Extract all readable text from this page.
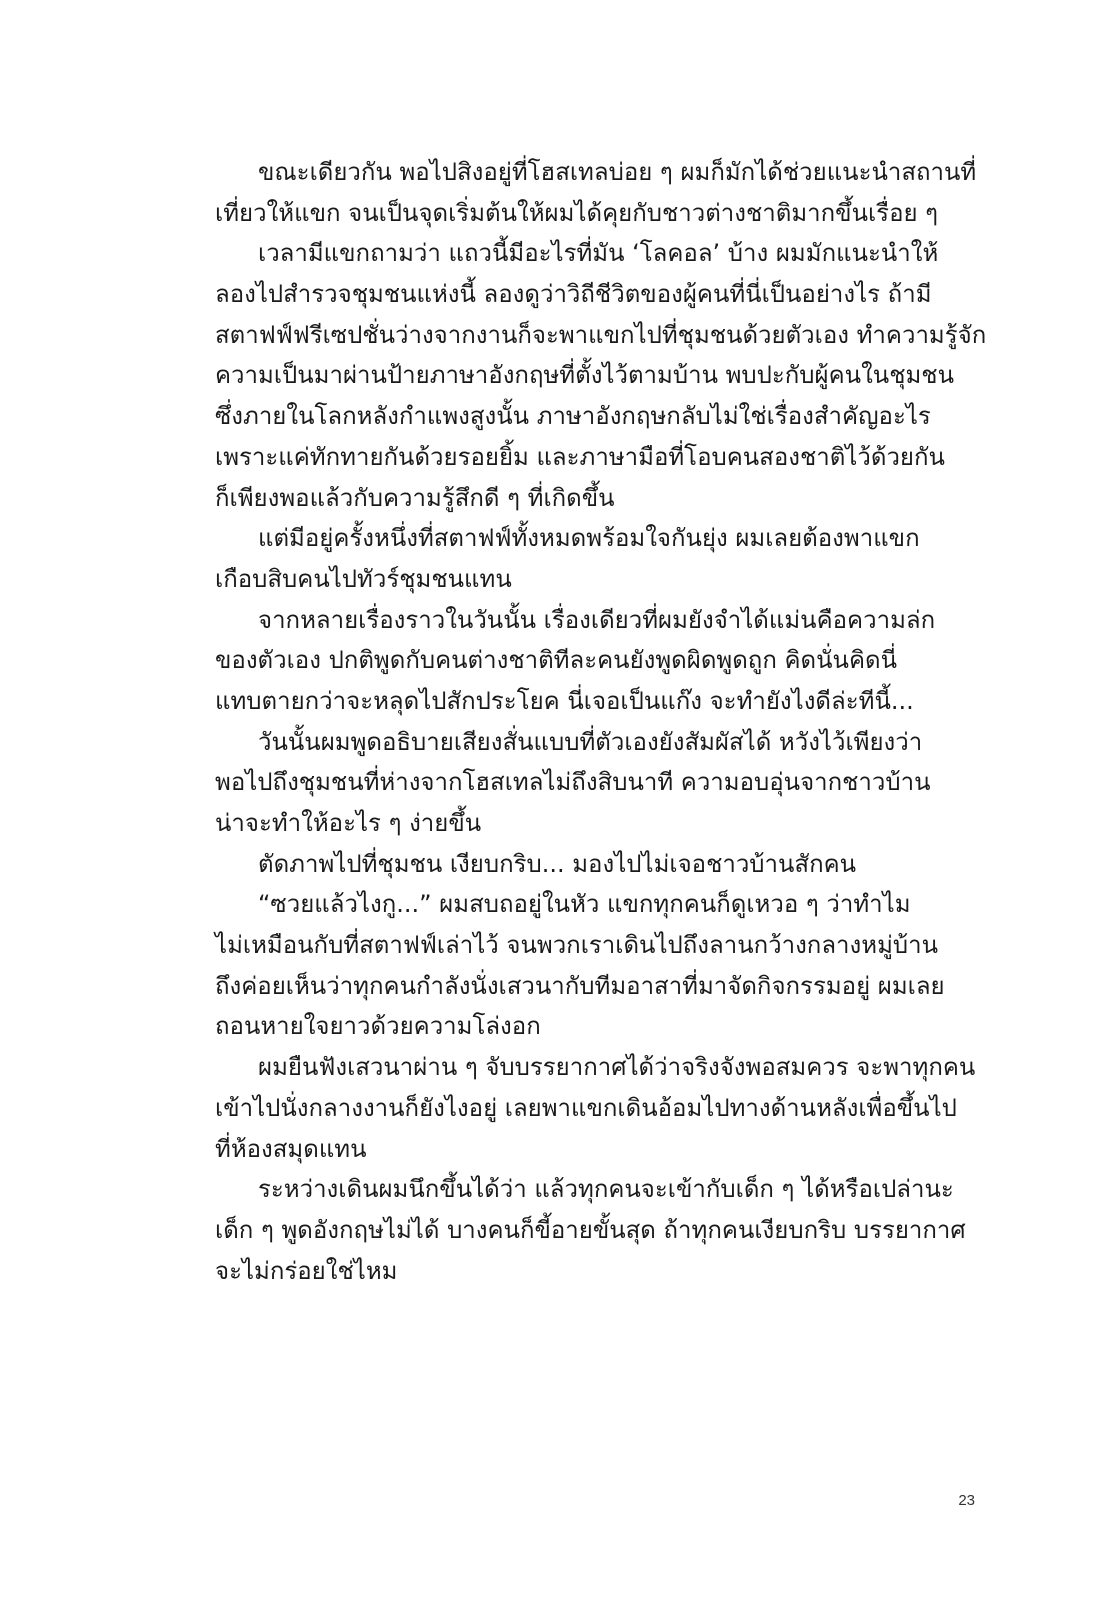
ขณะเดียวกัน พอไปสิงอยู่ที่โฮสเทลบ่อย ๆ ผมก็มักได้ช่วยแนะนำสถานที่
เที่ยวให้แขก จนเป็นจุดเริ่มต้นให้ผมได้คุยกับชาวต่างชาติมากขึ้นเรื่อย ๆ
เวลามีแขกถามว่า แถวนี้มีอะไรที่มัน ‘โลคอล’ บ้าง ผมมักแนะนำให้
ลองไปสำรวจชุมชนแห่งนี้ ลองดูว่าวิถีชีวิตของผู้คนที่นี่เป็นอย่างไร ถ้ามี
สตาฟฟ์ฟรีเซปชั่นว่างจากงานก็จะพาแขกไปที่ชุมชนด้วยตัวเอง ทำความรู้จัก
ความเป็นมาผ่านป้ายภาษาอังกฤษที่ตั้งไว้ตามบ้าน พบปะกับผู้คนในชุมชน
ซึ่งภายในโลกหลังกำแพงสูงนั้น ภาษาอังกฤษกลับไม่ใช่เรื่องสำคัญอะไร
เพราะแค่ทักทายกันด้วยรอยยิ้ม และภาษามือที่โอบคนสองชาติไว้ด้วยกัน
ก็เพียงพอแล้วกับความรู้สึกดี ๆ ที่เกิดขึ้น
แต่มีอยู่ครั้งหนึ่งที่สตาฟฟ์ทั้งหมดพร้อมใจกันยุ่ง ผมเลยต้องพาแขก
เกือบสิบคนไปทัวร์ชุมชนแทน
จากหลายเรื่องราวในวันนั้น เรื่องเดียวที่ผมยังจำได้แม่นคือความล่ก
ของตัวเอง ปกติพูดกับคนต่างชาติทีละคนยังพูดผิดพูดถูก คิดนั่นคิดนี่
แทบตายกว่าจะหลุดไปสักประโยค นี่เจอเป็นแก๊ง จะทำยังไงดีล่ะทีนี้...
วันนั้นผมพูดอธิบายเสียงสั่นแบบที่ตัวเองยังสัมผัสได้ หวังไว้เพียงว่า
พอไปถึงชุมชนที่ห่างจากโฮสเทลไม่ถึงสิบนาที ความอบอุ่นจากชาวบ้าน
น่าจะทำให้อะไร ๆ ง่ายขึ้น
ตัดภาพไปที่ชุมชน เงียบกริบ... มองไปไม่เจอชาวบ้านสักคน
“ซวยแล้วไงกู...” ผมสบถอยู่ในหัว แขกทุกคนก็ดูเหวอ ๆ ว่าทำไม
ไม่เหมือนกับที่สตาฟฟ์เล่าไว้ จนพวกเราเดินไปถึงลานกว้างกลางหมู่บ้าน
ถึงค่อยเห็นว่าทุกคนกำลังนั่งเสวนากับทีมอาสาที่มาจัดกิจกรรมอยู่ ผมเลย
ถอนหายใจยาวด้วยความโล่งอก
ผมยืนฟังเสวนาผ่าน ๆ จับบรรยากาศได้ว่าจริงจังพอสมควร จะพาทุกคน
เข้าไปนั่งกลางงานก็ยังไงอยู่ เลยพาแขกเดินอ้อมไปทางด้านหลังเพื่อขึ้นไป
ที่ห้องสมุดแทน
ระหว่างเดินผมนึกขึ้นได้ว่า แล้วทุกคนจะเข้ากับเด็ก ๆ ได้หรือเปล่านะ
เด็ก ๆ พูดอังกฤษไม่ได้ บางคนก็ขี้อายขั้นสุด ถ้าทุกคนเงียบกริบ บรรยากาศ
จะไม่กร่อยใช่ไหม
23
